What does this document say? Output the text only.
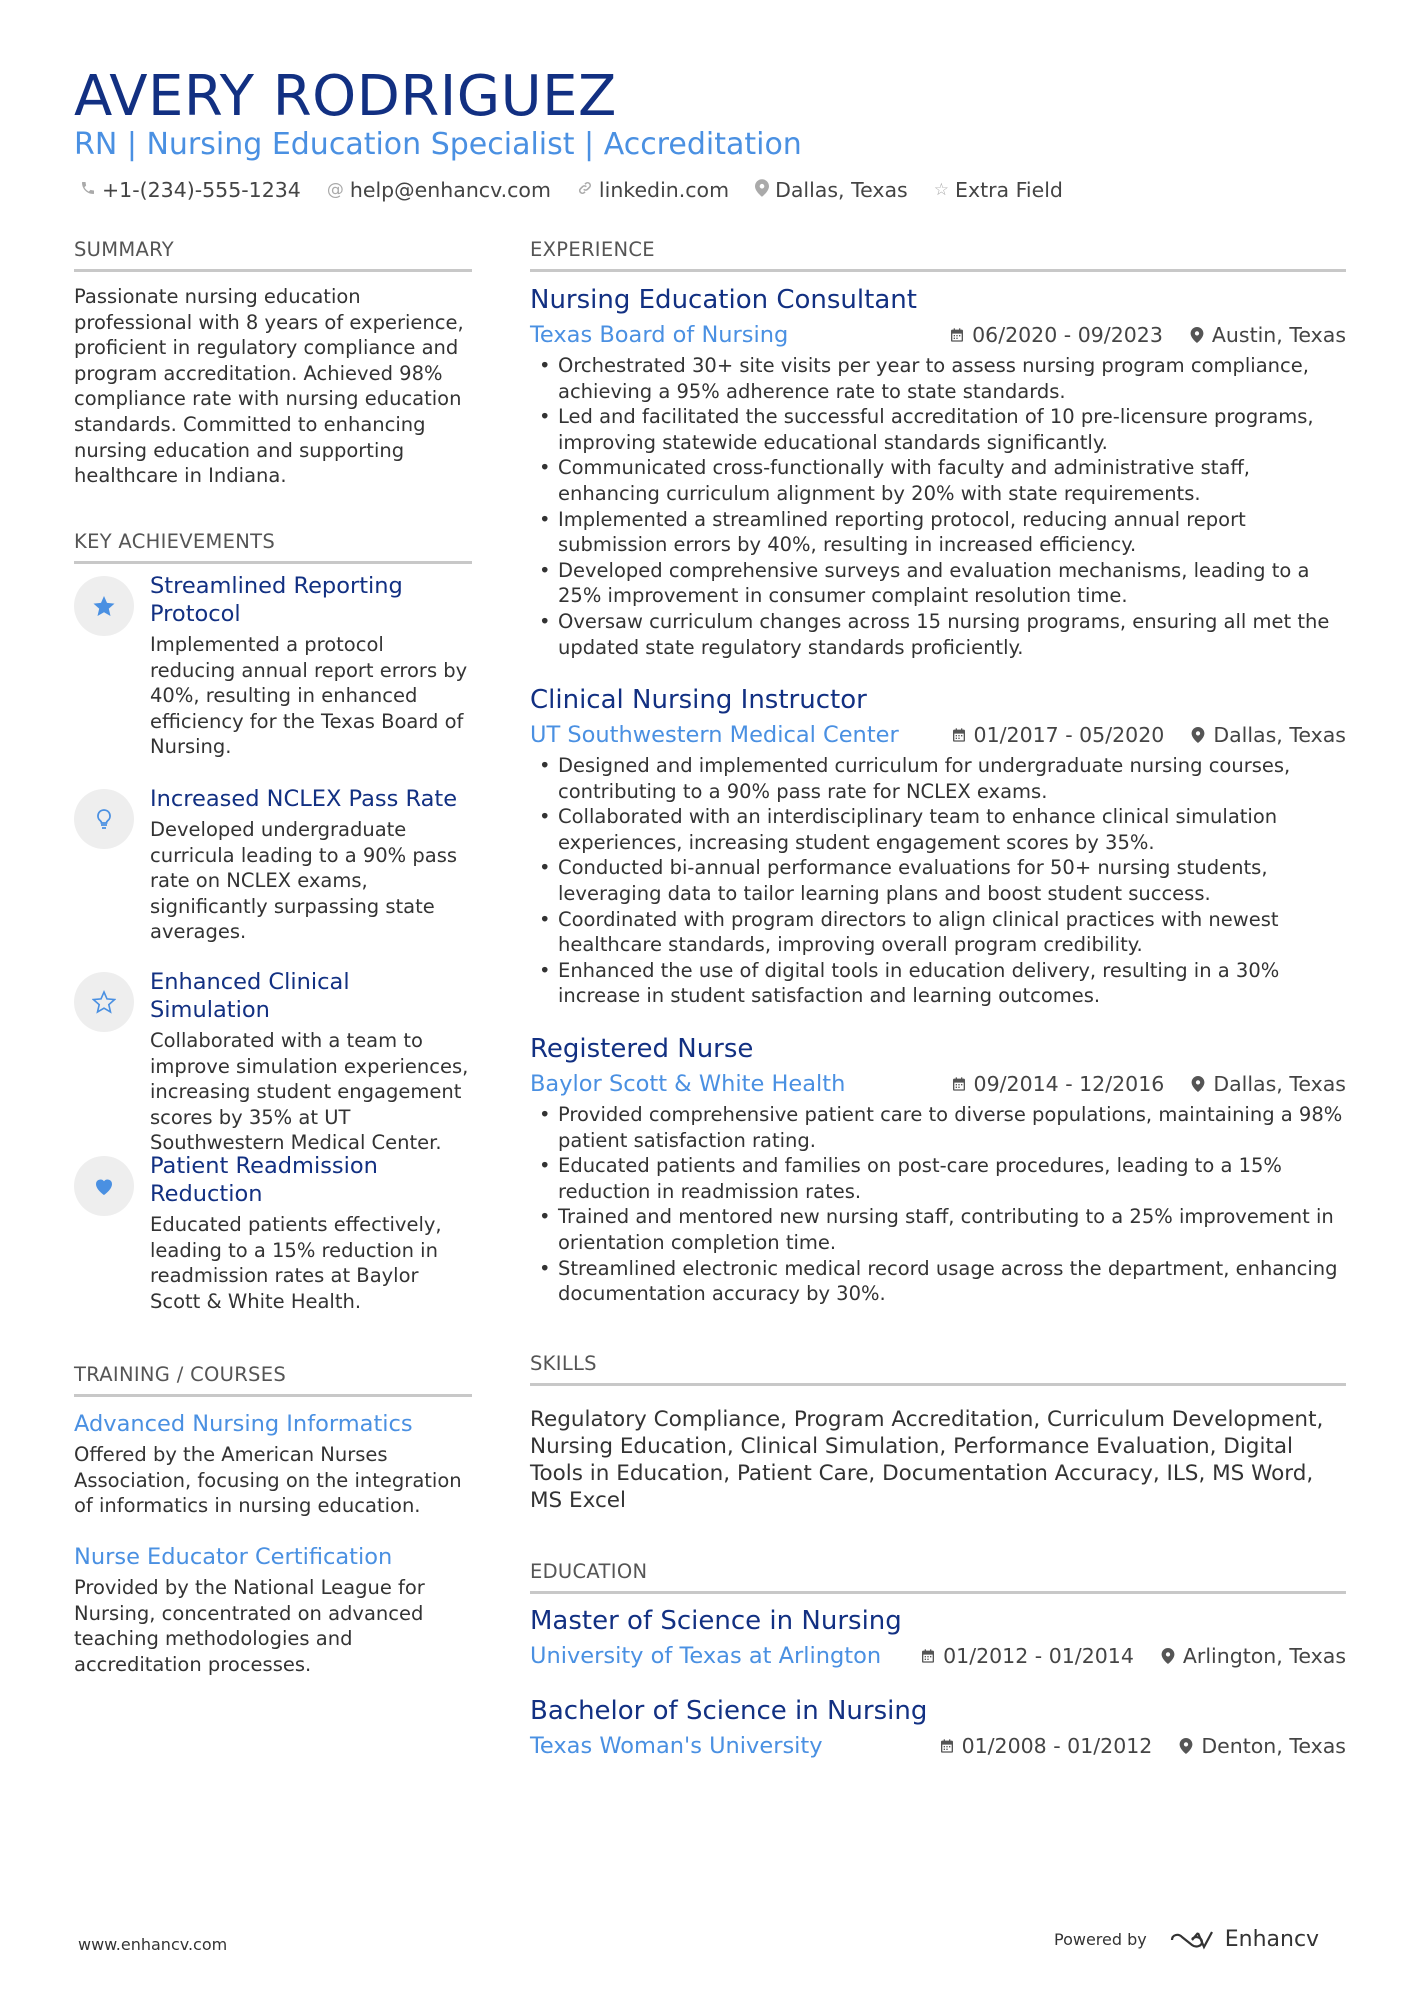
AVERY RODRIGUEZ
RN | Nursing Education Specialist | Accreditation
+1-(234)-555-1234 @ help@enhancv.com linkedin.com Dallas, Texas ☆ Extra Field
SUMMARY
Passionate nursing education professional with 8 years of experience, proficient in regulatory compliance and program accreditation. Achieved 98% compliance rate with nursing education standards. Committed to enhancing nursing education and supporting healthcare in Indiana.
KEY ACHIEVEMENTS
Streamlined Reporting Protocol
Implemented a protocol reducing annual report errors by 40%, resulting in enhanced efficiency for the Texas Board of Nursing.
Increased NCLEX Pass Rate
Developed undergraduate curricula leading to a 90% pass rate on NCLEX exams, significantly surpassing state averages.
Enhanced Clinical Simulation
Collaborated with a team to improve simulation experiences, increasing student engagement scores by 35% at UT Southwestern Medical Center.
Patient Readmission Reduction
Educated patients effectively, leading to a 15% reduction in readmission rates at Baylor Scott & White Health.
TRAINING / COURSES
Advanced Nursing Informatics
Offered by the American Nurses Association, focusing on the integration of informatics in nursing education.
Nurse Educator Certification
Provided by the National League for Nursing, concentrated on advanced teaching methodologies and accreditation processes.
EXPERIENCE
Nursing Education Consultant
Texas Board of Nursing	06/2020 - 09/2023 Austin, Texas
• Orchestrated 30+ site visits per year to assess nursing program compliance, achieving a 95% adherence rate to state standards.
• Led and facilitated the successful accreditation of 10 pre-licensure programs, improving statewide educational standards significantly.
• Communicated cross-functionally with faculty and administrative staff, enhancing curriculum alignment by 20% with state requirements.
• Implemented a streamlined reporting protocol, reducing annual report submission errors by 40%, resulting in increased efficiency.
• Developed comprehensive surveys and evaluation mechanisms, leading to a 25% improvement in consumer complaint resolution time.
• Oversaw curriculum changes across 15 nursing programs, ensuring all met the updated state regulatory standards proficiently.
Clinical Nursing Instructor
UT Southwestern Medical Center	01/2017 - 05/2020 Dallas, Texas
• Designed and implemented curriculum for undergraduate nursing courses, contributing to a 90% pass rate for NCLEX exams.
• Collaborated with an interdisciplinary team to enhance clinical simulation experiences, increasing student engagement scores by 35%.
• Conducted bi-annual performance evaluations for 50+ nursing students, leveraging data to tailor learning plans and boost student success.
• Coordinated with program directors to align clinical practices with newest healthcare standards, improving overall program credibility.
• Enhanced the use of digital tools in education delivery, resulting in a 30% increase in student satisfaction and learning outcomes.
Registered Nurse
Baylor Scott & White Health	09/2014 - 12/2016 Dallas, Texas
• Provided comprehensive patient care to diverse populations, maintaining a 98% patient satisfaction rating.
• Educated patients and families on post-care procedures, leading to a 15% reduction in readmission rates.
• Trained and mentored new nursing staff, contributing to a 25% improvement in orientation completion time.
• Streamlined electronic medical record usage across the department, enhancing documentation accuracy by 30%.
SKILLS
Regulatory Compliance, Program Accreditation, Curriculum Development, Nursing Education, Clinical Simulation, Performance Evaluation, Digital Tools in Education, Patient Care, Documentation Accuracy, ILS, MS Word, MS Excel
EDUCATION
Master of Science in Nursing
University of Texas at Arlington	01/2012 - 01/2014 Arlington, Texas
Bachelor of Science in Nursing
Texas Woman's University	01/2008 - 01/2012 Denton, Texas
www.enhancv.com	Powered by	Enhancv
